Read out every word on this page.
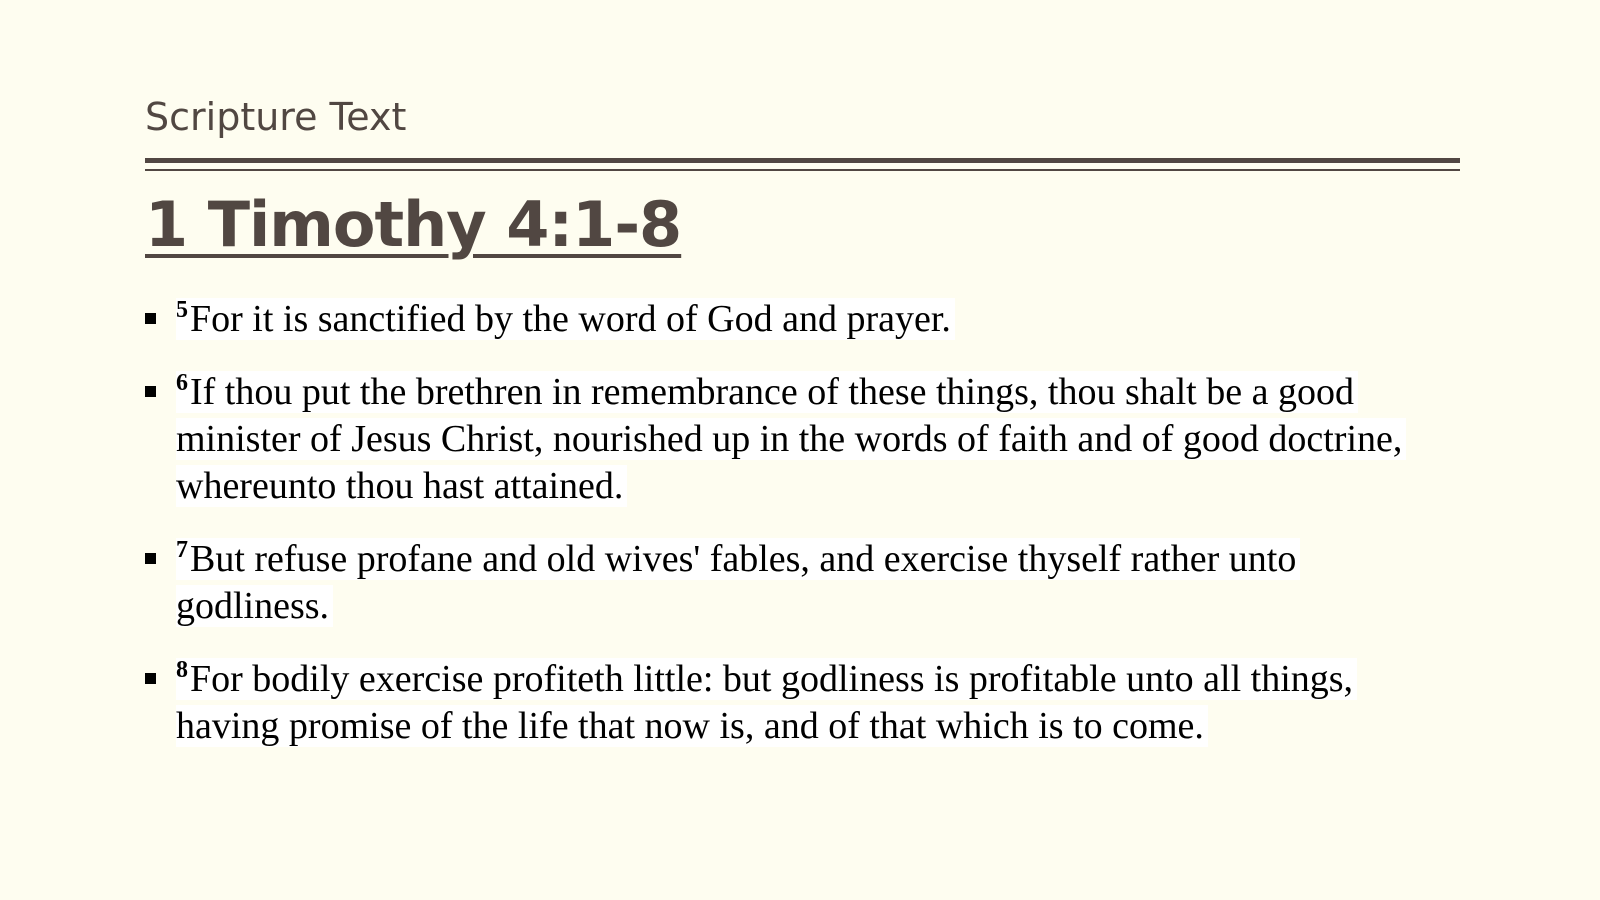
Scripture Text
1 Timothy 4:1-8
$^5$For it is sanctified by the word of God and prayer.
$^6$If thou put the brethren in remembrance of these things, thou shalt be a good minister of Jesus Christ, nourished up in the words of faith and of good doctrine, whereunto thou hast attained.
$^7$But refuse profane and old wives' fables, and exercise thyself rather unto godliness.
$^8$For bodily exercise profiteth little: but godliness is profitable unto all things, having promise of the life that now is, and of that which is to come.
